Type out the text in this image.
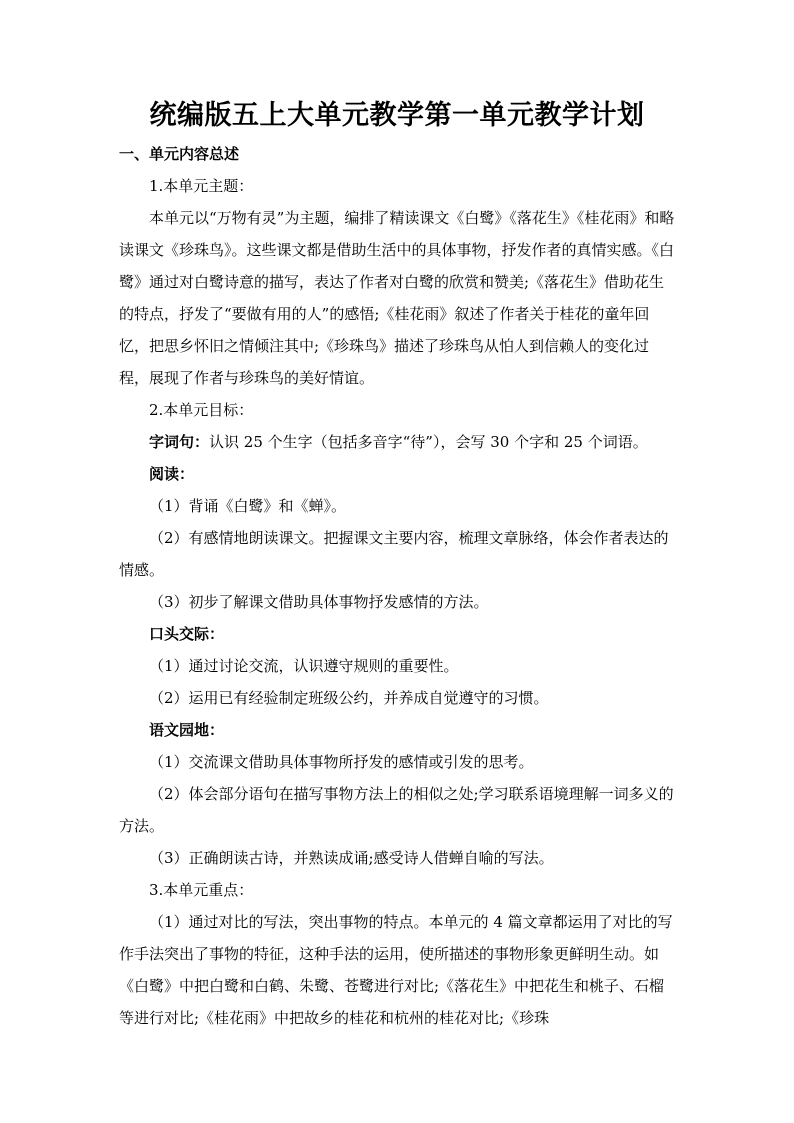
统编版五上大单元教学第一单元教学计划

一、单元内容总述

1.本单元主题：

本单元以“万物有灵”为主题，编排了精读课文《白鹭》《落花生》《桂花雨》和略读课文《珍珠鸟》。这些课文都是借助生活中的具体事物，抒发作者的真情实感。《白鹭》通过对白鹭诗意的描写，表达了作者对白鹭的欣赏和赞美;《落花生》借助花生的特点，抒发了“要做有用的人”的感悟;《桂花雨》叙述了作者关于桂花的童年回忆，把思乡怀旧之情倾注其中;《珍珠鸟》描述了珍珠鸟从怕人到信赖人的变化过程，展现了作者与珍珠鸟的美好情谊。

2.本单元目标：

字词句：认识 25 个生字（包括多音字“待”），会写 30 个字和 25 个词语。

阅读：

（1）背诵《白鹭》和《蝉》。

（2）有感情地朗读课文。把握课文主要内容，梳理文章脉络，体会作者表达的情感。

（3）初步了解课文借助具体事物抒发感情的方法。

口头交际：

（1）通过讨论交流，认识遵守规则的重要性。

（2）运用已有经验制定班级公约，并养成自觉遵守的习惯。

语文园地：

（1）交流课文借助具体事物所抒发的感情或引发的思考。

（2）体会部分语句在描写事物方法上的相似之处;学习联系语境理解一词多义的方法。

（3）正确朗读古诗，并熟读成诵;感受诗人借蝉自喻的写法。

3.本单元重点：

（1）通过对比的写法，突出事物的特点。本单元的 4 篇文章都运用了对比的写作手法突出了事物的特征，这种手法的运用，使所描述的事物形象更鲜明生动。如《白鹭》中把白鹭和白鹤、朱鹭、苍鹭进行对比;《落花生》中把花生和桃子、石榴等进行对比;《桂花雨》中把故乡的桂花和杭州的桂花对比;《珍珠
